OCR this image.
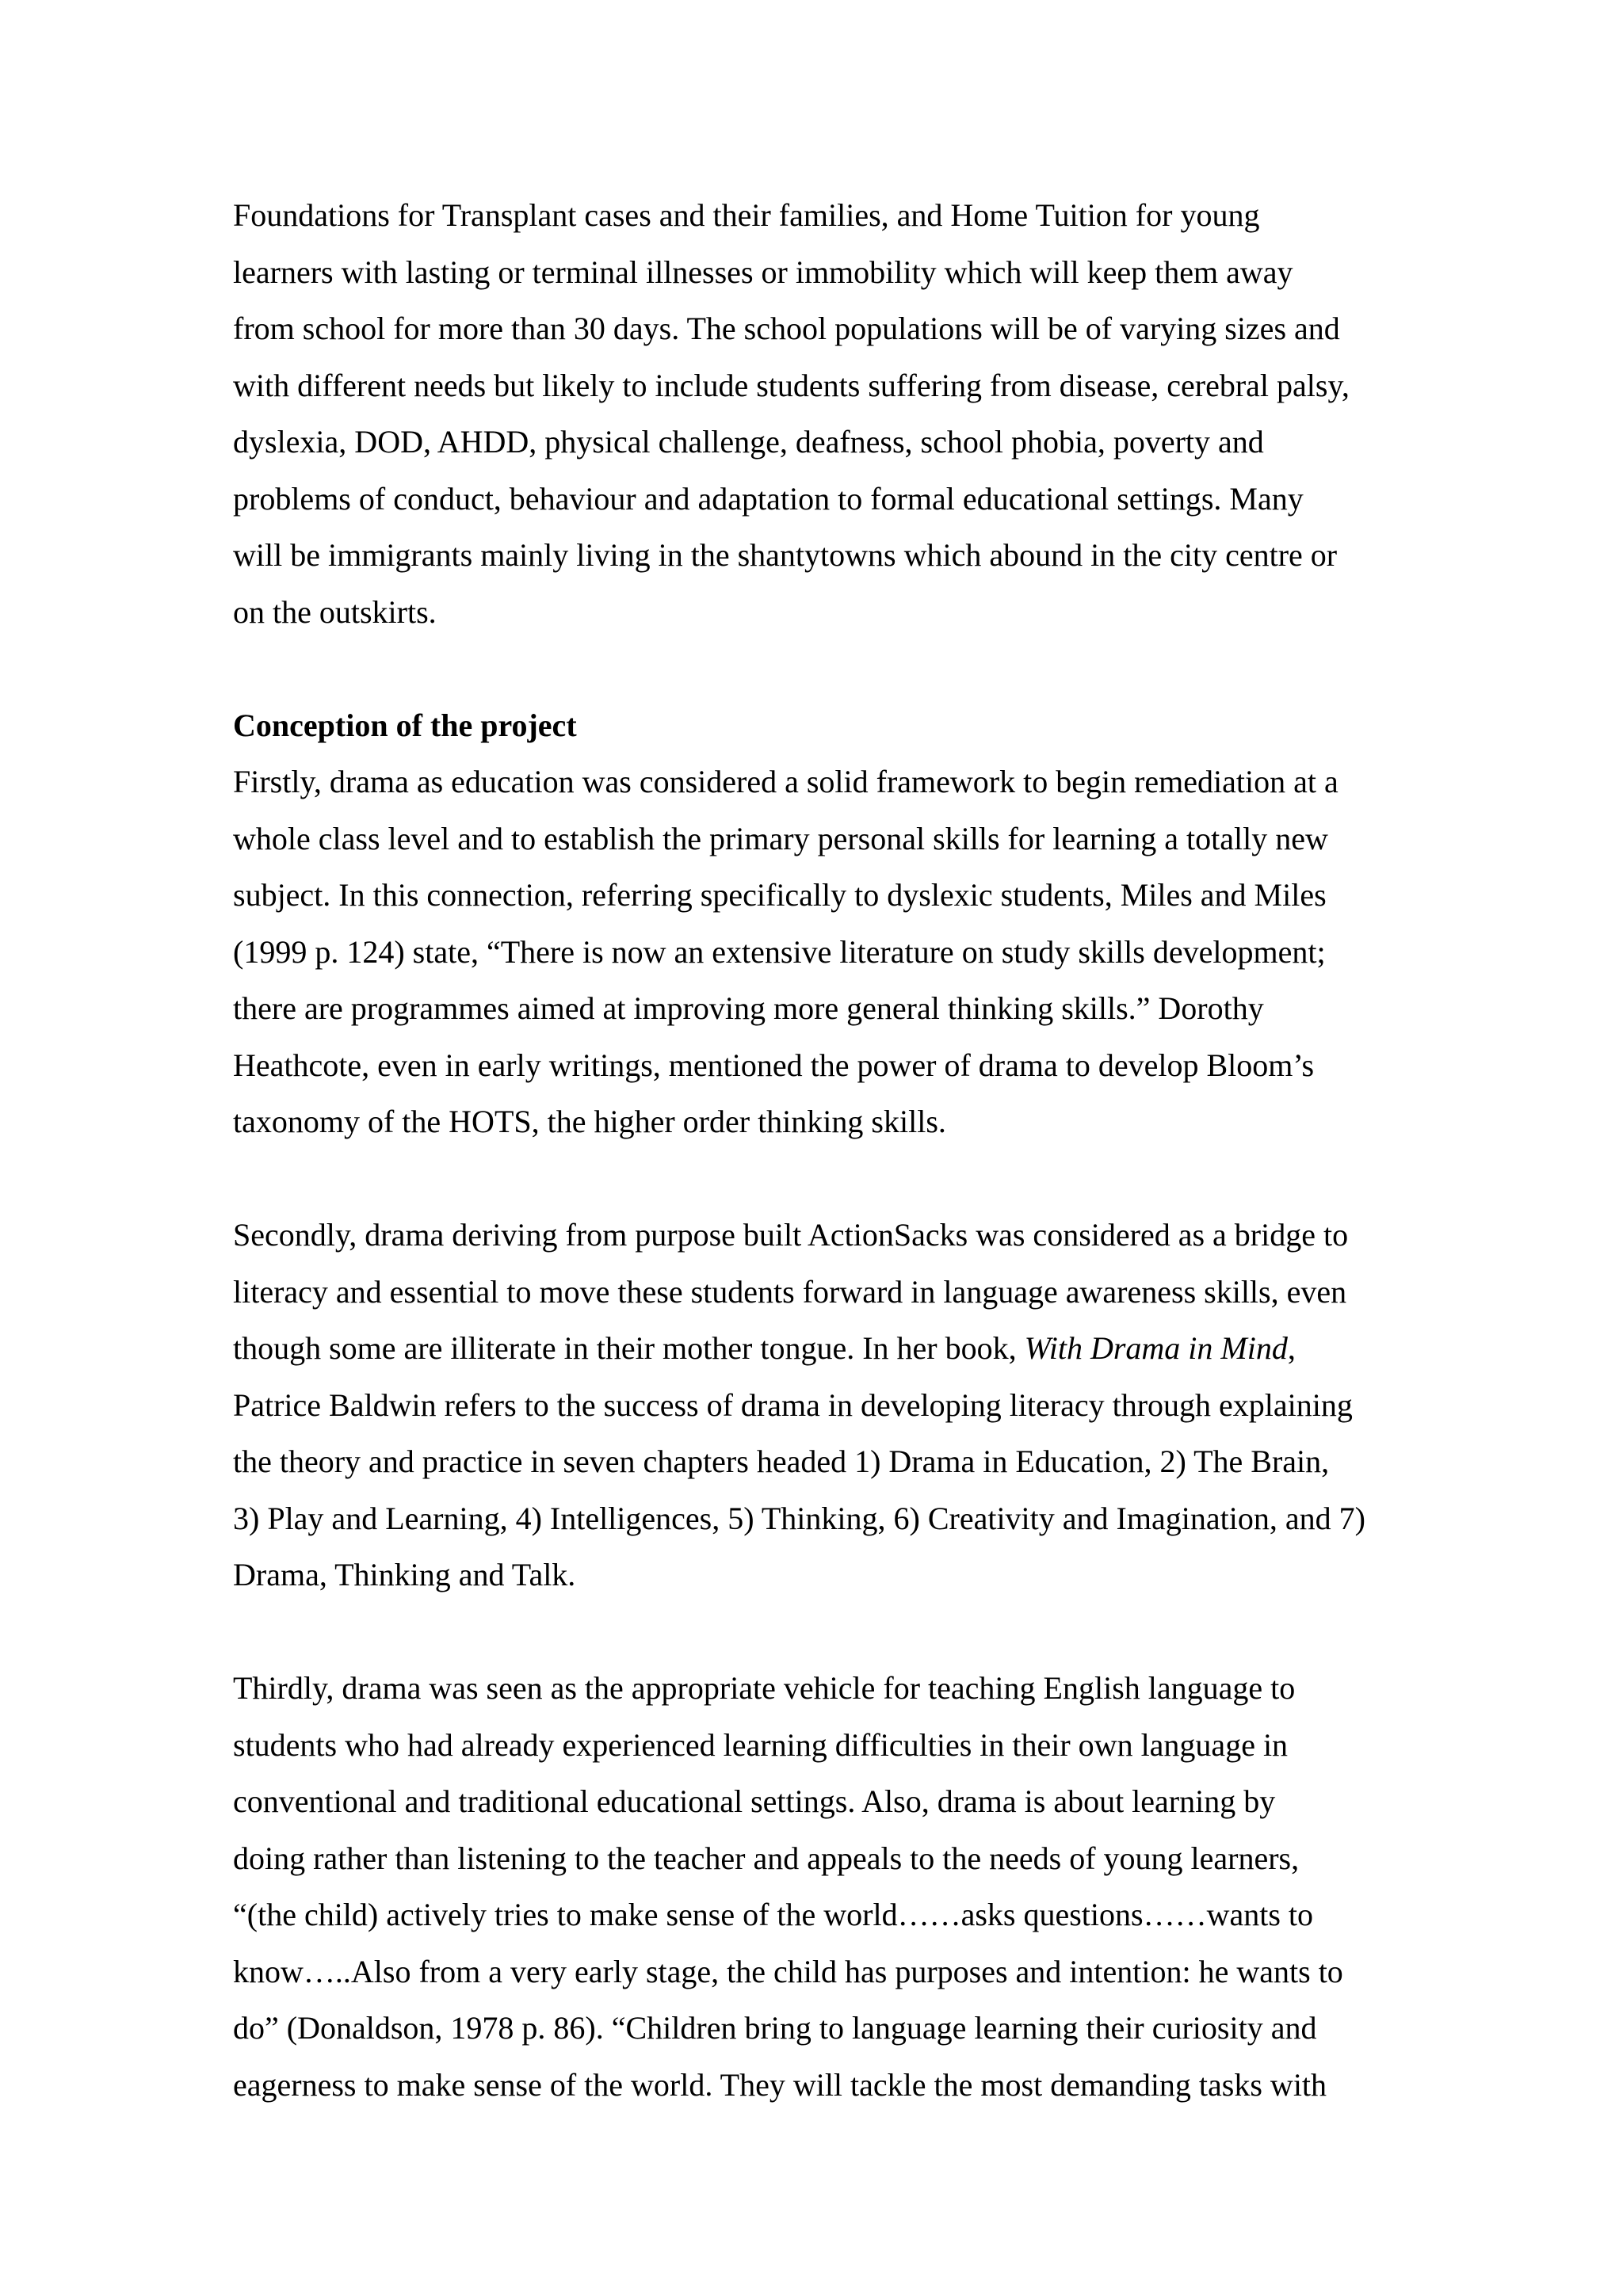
Foundations for Transplant cases and their families, and Home Tuition for young
learners with lasting or terminal illnesses or immobility which will keep them away
from school for more than 30 days. The school populations will be of varying sizes and
with different needs but likely to include students suffering from disease, cerebral palsy,
dyslexia, DOD, AHDD, physical challenge, deafness, school phobia, poverty and
problems of conduct, behaviour and adaptation to formal educational settings. Many
will be immigrants mainly living in the shantytowns which abound in the city centre or
on the outskirts.
Conception of the project
Firstly, drama as education was considered a solid framework to begin remediation at a
whole class level and to establish the primary personal skills for learning a totally new
subject. In this connection, referring specifically to dyslexic students, Miles and Miles
(1999 p. 124) state, “There is now an extensive literature on study skills development;
there are programmes aimed at improving more general thinking skills.” Dorothy
Heathcote, even in early writings, mentioned the power of drama to develop Bloom’s
taxonomy of the HOTS, the higher order thinking skills.
Secondly, drama deriving from purpose built ActionSacks was considered as a bridge to
literacy and essential to move these students forward in language awareness skills, even
though some are illiterate in their mother tongue. In her book, With Drama in Mind,
Patrice Baldwin refers to the success of drama in developing literacy through explaining
the theory and practice in seven chapters headed 1) Drama in Education, 2) The Brain,
3) Play and Learning, 4) Intelligences, 5) Thinking, 6) Creativity and Imagination, and 7)
Drama, Thinking and Talk.
Thirdly, drama was seen as the appropriate vehicle for teaching English language to
students who had already experienced learning difficulties in their own language in
conventional and traditional educational settings. Also, drama is about learning by
doing rather than listening to the teacher and appeals to the needs of young learners,
“(the child) actively tries to make sense of the world……asks questions……wants to
know…..Also from a very early stage, the child has purposes and intention: he wants to
do” (Donaldson, 1978 p. 86). “Children bring to language learning their curiosity and
eagerness to make sense of the world. They will tackle the most demanding tasks with
